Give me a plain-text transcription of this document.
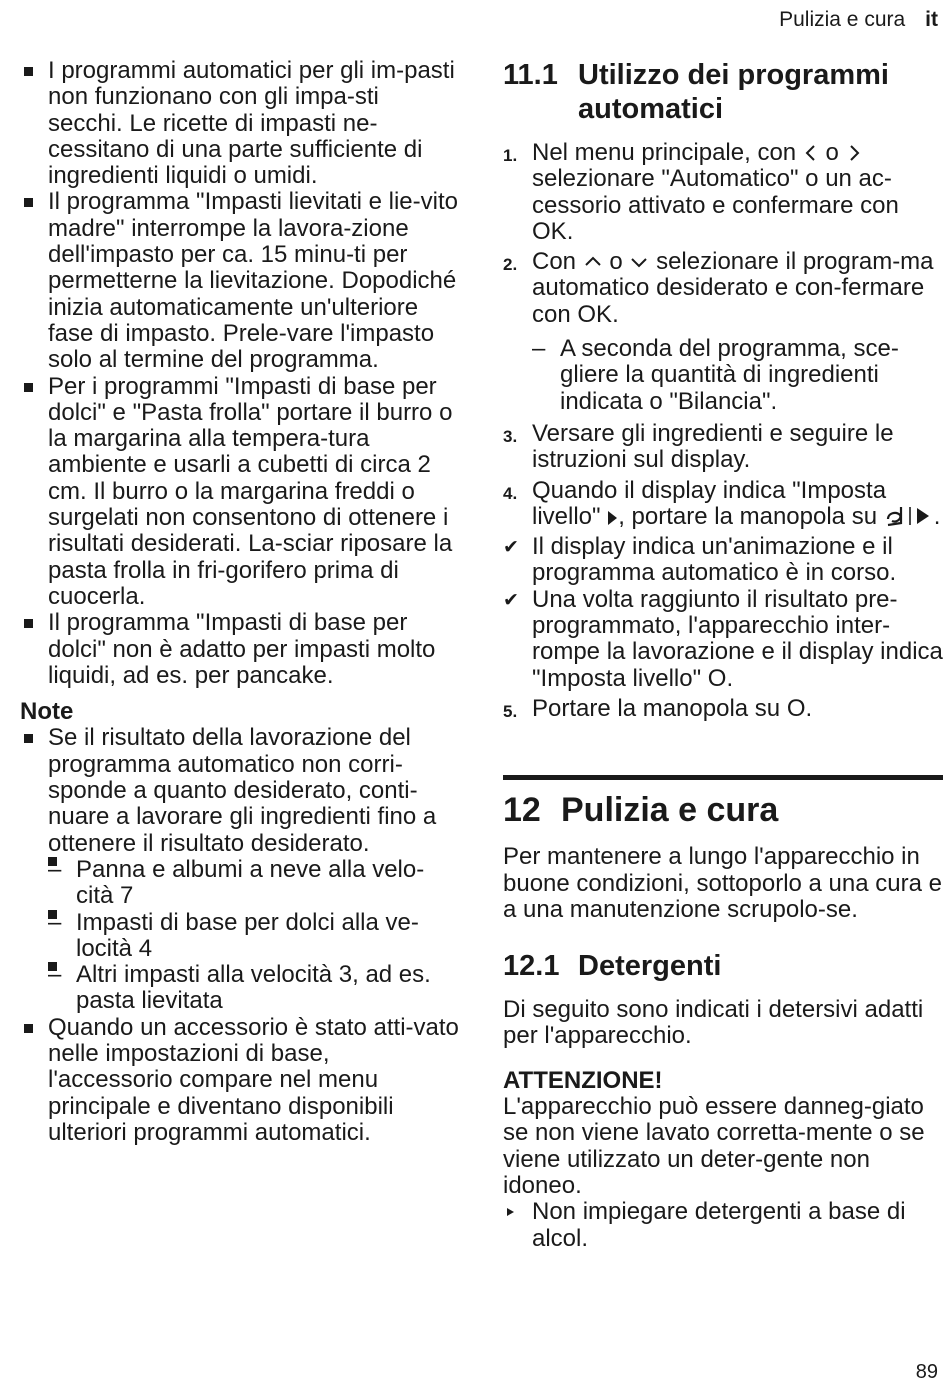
Pulizia e cura it
I programmi automatici per gli im-pasti non funzionano con gli impa-sti secchi. Le ricette di impasti ne-cessitano di una parte sufficiente di ingredienti liquidi o umidi.
Il programma "Impasti lievitati e lie-vito madre" interrompe la lavora-zione dell'impasto per ca. 15 minu-ti per permetterne la lievitazione. Dopodiché inizia automaticamente un'ulteriore fase di impasto. Prele-vare l'impasto solo al termine del programma.
Per i programmi "Impasti di base per dolci" e "Pasta frolla" portare il burro o la margarina alla tempera-tura ambiente e usarli a cubetti di circa 2 cm. Il burro o la margarina freddi o surgelati non consentono di ottenere i risultati desiderati. La-sciar riposare la pasta frolla in fri-gorifero prima di cuocerla.
Il programma "Impasti di base per dolci" non è adatto per impasti molto liquidi, ad es. per pancake.
Note
Se il risultato della lavorazione del programma automatico non corri-sponde a quanto desiderato, conti-nuare a lavorare gli ingredienti fino a ottenere il risultato desiderato.
– Panna e albumi a neve alla velo-cità 7
– Impasti di base per dolci alla ve-locità 4
– Altri impasti alla velocità 3, ad es. pasta lievitata
Quando un accessorio è stato atti-vato nelle impostazioni di base, l'accessorio compare nel menu principale e diventano disponibili ulteriori programmi automatici.
11.1 Utilizzo dei programmi automatici
1. Nel menu principale, con o  selezionare "Automatico" o un ac-cessorio attivato e confermare con OK.
2. Con o selezionare il program-ma automatico desiderato e con-fermare con OK.
– A seconda del programma, sce-gliere la quantità di ingredienti indicata o "Bilancia".
3. Versare gli ingredienti e seguire le istruzioni sul display.
4. Quando il display indica "Imposta livello" , portare la manopola su .
✔ Il display indica un'animazione e il programma automatico è in corso.
✔ Una volta raggiunto il risultato pre-programmato, l'apparecchio inter-rompe la lavorazione e il display indica "Imposta livello" O.
5. Portare la manopola su O.
12 Pulizia e cura

Per mantenere a lungo l'apparecchio in buone condizioni, sottoporlo a una cura e a una manutenzione scrupolo-se.

12.1 Detergenti

Di seguito sono indicati i detersivi adatti per l'apparecchio.

ATTENZIONE!

L'apparecchio può essere danneg-giato se non viene lavato corretta-mente o se viene utilizzato un deter-gente non idoneo.

Non impiegare detergenti a base di alcol.
89
